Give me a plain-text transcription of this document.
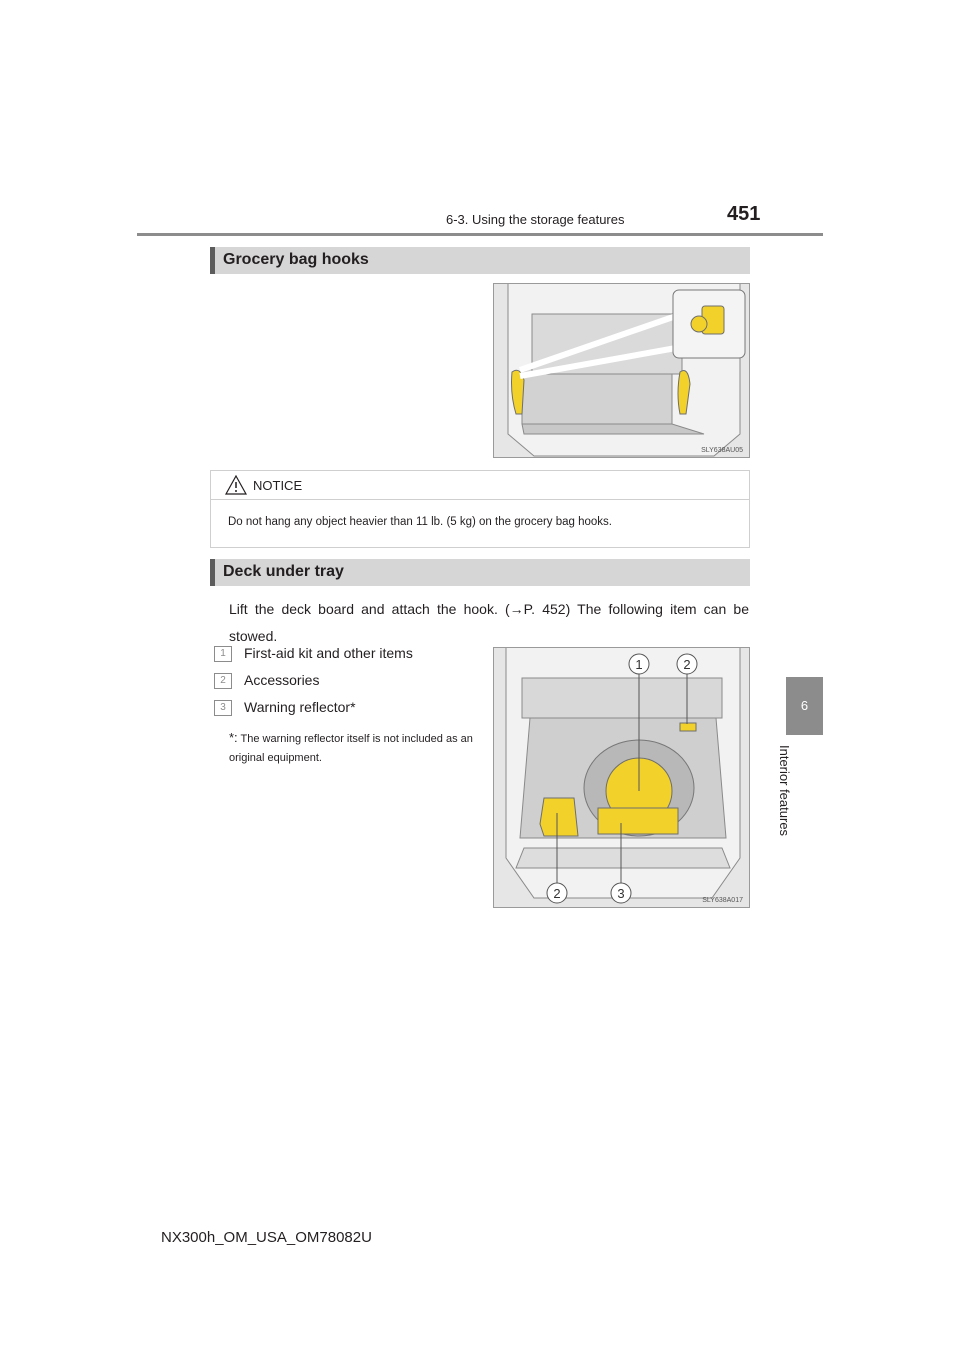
6-3. Using the storage features	451
6
Interior features
Grocery bag hooks
SLY638AU05
NOTICE
Do not hang any object heavier than 11 lb. (5 kg) on the grocery bag hooks.
Deck under tray
Lift the deck board and attach the hook. (→P. 452) The following item can be stowed.
1 First-aid kit and other items
2 Accessories
3 Warning reflector*
*: The warning reflector itself is not included as an original equipment.
1	2
2	3	SLY638A017
NX300h_OM_USA_OM78082U
